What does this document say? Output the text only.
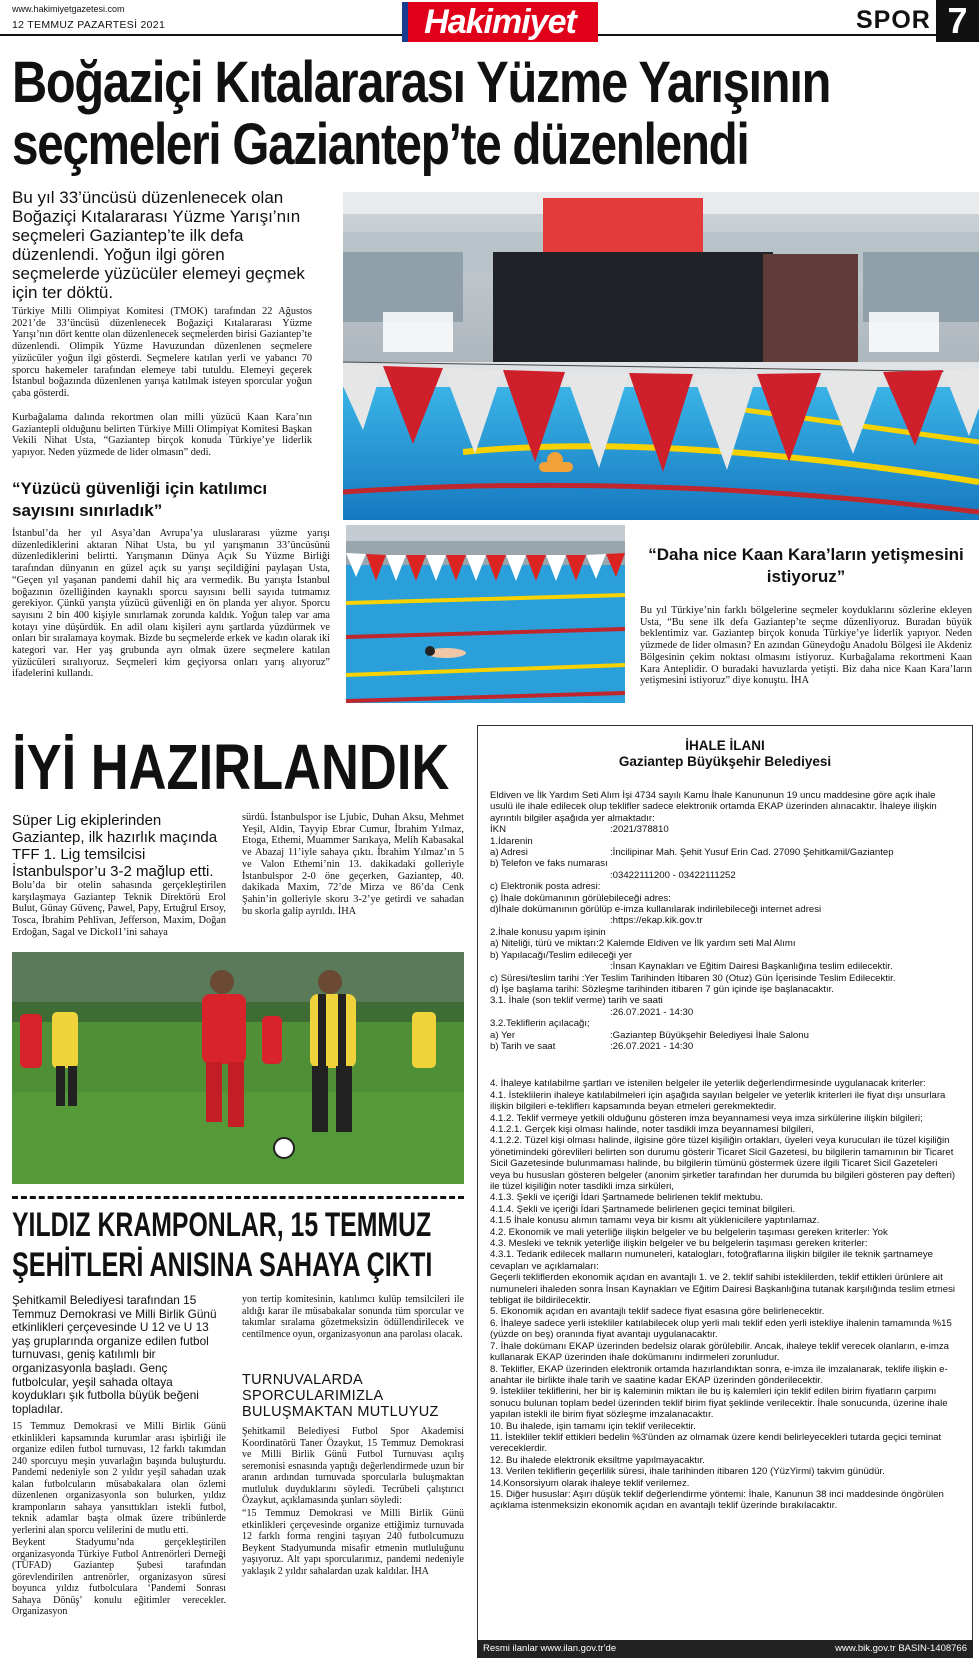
www.hakimiyetgazetesi.com
12 TEMMUZ PAZARTESİ 2021	Hakimiyet	SPOR 7
Boğaziçi Kıtalararası Yüzme Yarışının
seçmeleri Gaziantep’te düzenlendi
Bu yıl 33’üncüsü düzenlenecek olan Boğaziçi Kıtalararası Yüzme Yarışı’nın seçmeleri Gaziantep’te ilk defa düzenlendi. Yoğun ilgi gören seçmelerde yüzücüler elemeyi geçmek için ter döktü.
Türkiye Milli Olimpiyat Komitesi (TMOK) tarafından 22 Ağustos 2021’de 33’üncüsü düzenlenecek Boğaziçi Kıtalararası Yüzme Yarışı’nın dört kentte olan düzenlenecek seçmelerden birisi Gaziantep’te düzenlendi. Olimpik Yüzme Havuzundan düzenlenen seçmelere yüzücüler yoğun ilgi gösterdi. Seçmelere katılan yerli ve yabancı 70 sporcu hakemeler tarafından elemeye tabi tutuldu. Elemeyi geçerek İstanbul boğazında düzenlenen yarışa katılmak isteyen sporcular yoğun çaba gösterdi.
Kurbağalama dalında rekortmen olan milli yüzücü Kaan Kara’nın Gaziantepli olduğunu belirten Türkiye Milli Olimpiyat Komitesi Başkan Vekili Nihat Usta, “Gaziantep birçok konuda Türkiye’ye liderlik yapıyor. Neden yüzmede de lider olmasın” dedi.
“Yüzücü güvenliği için katılımcı sayısını sınırladık”
İstanbul’da her yıl Asya’dan Avrupa’ya uluslararası yüzme yarışı düzenlediklerini aktaran Nihat Usta, bu yıl yarışmanın 33’üncüsünü düzenlediklerini belirtti. Yarışmanın Dünya Açık Su Yüzme Birliği tarafından dünyanın en güzel açık su yarışı seçildiğini paylaşan Usta, “Geçen yıl yaşanan pandemi dahil hiç ara vermedik. Bu yarışta İstanbul boğazının özelliğinden kaynaklı sporcu sayısını belli sayıda tutmamız gerekiyor. Çünkü yarışta yüzücü güvenliği en ön planda yer alıyor. Sporcu sayısını 2 bin 400 kişiyle sınırlamak zorunda kaldık. Yoğun talep var ama kotayı yine düşürdük. En adil olanı kişileri aynı şartlarda yüzdürmek ve onları bir sıralamaya koymak. Bizde bu seçmelerde erkek ve kadın olarak iki kategori var. Her yaş grubunda ayrı olmak üzere seçmelere katılan yüzücüleri sıralıyoruz. Seçmeleri kim geçiyorsa onları yarış alıyoruz” ifadelerini kullandı.
“Daha nice Kaan Kara’ların yetişmesini istiyoruz”
Bu yıl Türkiye’nin farklı bölgelerine seçmeler koyduklarını sözlerine ekleyen Usta, “Bu sene ilk defa Gaziantep’te seçme düzenliyoruz. Buradan büyük beklentimiz var. Gaziantep birçok konuda Türkiye’ye liderlik yapıyor. Neden yüzmede de lider olmasın? En azından Güneydoğu Anadolu Bölgesi ile Akdeniz Bölgesinin çekim noktası olmasını istiyoruz. Kurbağalama rekortmeni Kaan Kara Anteplidir. O buradaki havuzlarda yetişti. Biz daha nice Kaan Kara’ların yetişmesini istiyoruz” diye konuştu. İHA
İYİ HAZIRLANDIK
Süper Lig ekiplerinden Gaziantep, ilk hazırlık maçında TFF 1. Lig temsilcisi İstanbulspor’u 3-2 mağlup etti.
Bolu’da bir otelin sahasında gerçekleştirilen karşılaşmaya Gaziantep Teknik Direktörü Erol Bulut, Günay Güvenç, Pawel, Papy, Ertuğrul Ersoy, Tosca, İbrahim Pehlivan, Jefferson, Maxim, Doğan Erdoğan, Sagal ve Dickol1’ini sahaya
sürdü. İstanbulspor ise Ljubic, Duhan Aksu, Mehmet Yeşil, Aldin, Tayyip Ebrar Cumur, İbrahim Yılmaz, Etoga, Ethemi, Muammer Sarıkaya, Melih Kabasakal ve Abazaj 11’iyle sahaya çıktı. İbrahim Yılmaz’ın 5 ve Valon Ethemi’nin 13. dakikadaki golleriyle İstanbulspor 2-0 öne geçerken, Gaziantep, 40. dakikada Maxim, 72’de Mirza ve 86’da Cenk Şahin’in golleriyle skoru 3-2’ye getirdi ve sahadan bu skorla galip ayrıldı. İHA
YILDIZ KRAMPONLAR, 15 TEMMUZ
ŞEHİTLERİ ANISINA SAHAYA ÇIKTI
Şehitkamil Belediyesi tarafından 15 Temmuz Demokrasi ve Milli Birlik Günü etkinlikleri çerçevesinde U 12 ve U 13 yaş gruplarında organize edilen futbol turnuvası, geniş katılımlı bir organizasyonla başladı. Genç futbolcular, yeşil sahada oltaya koydukları şık futbolla büyük beğeni topladılar.
15 Temmuz Demokrasi ve Milli Birlik Günü etkinlikleri kapsamında kurumlar arası işbirliği ile organize edilen futbol turnuvası, 12 farklı takımdan 240 sporcuyu meşin yuvarlağın başında buluşturdu. Pandemi nedeniyle son 2 yıldır yeşil sahadan uzak kalan futbolcuların müsabakalara olan özlemi düzenlenen organizasyonla son bulurken, yıldız kramponların sahaya yansıttıkları istekli futbol, teknik adamlar başta olmak üzere tribünlerde yerlerini alan sporcu velilerini de mutlu etti.
Beykent Stadyumu’nda gerçekleştirilen organizasyonda Türkiye Futbol Antrenörleri Derneği (TÜFAD) Gaziantep Şubesi tarafından görevlendirilen antrenörler, organizasyon süresi boyunca yıldız futbolculara ‘Pandemi Sonrası Sahaya Dönüş’ konulu eğitimler verecekler. Organizasyon
yon tertip komitesinin, katılımcı kulüp temsilcileri ile aldığı karar ile müsabakalar sonunda tüm sporcular ve takımlar sıralama gözetmeksizin ödüllendirilecek ve centilmence oyun, organizasyonun ana parolası olacak.
TURNUVALARDA SPORCULARIMIZLA BULUŞMAKTAN MUTLUYUZ
Şehitkamil Belediyesi Futbol Spor Akademisi Koordinatörü Taner Özaykut, 15 Temmuz Demokrasi ve Milli Birlik Günü Futbol Turnuvası açılış seremonisi esnasında yaptığı değerlendirmede uzun bir aranın ardından turnuvada sporcularla buluşmaktan mutluluk duyduklarını söyledi. Tecrübeli çalıştırıcı Özaykut, açıklamasında şunları söyledi:
“15 Temmuz Demokrasi ve Milli Birlik Günü etkinlikleri çerçevesinde organize ettiğimiz turnuvada 12 farklı forma rengini taşıyan 240 futbolcumuzu Beykent Stadyumunda misafir etmenin mutluluğunu yaşıyoruz. Alt yapı sporcularımız, pandemi nedeniyle yaklaşık 2 yıldır sahalardan uzak kaldılar. İHA
İHALE İLANI
Gaziantep Büyükşehir Belediyesi
Eldiven ve İlk Yardım Seti Alım İşi 4734 sayılı Kamu İhale Kanununun 19 uncu maddesine göre açık ihale usulü ile ihale edilecek olup teklifler sadece elektronik ortamda EKAP üzerinden alınacaktır. İhaleye ilişkin ayrıntılı bilgiler aşağıda yer almaktadır:
İKN	:2021/378810
1.İdarenin
a) Adresi	:İncilipinar Mah. Şehit Yusuf Erin Cad. 27090 Şehitkamil/Gaziantep
b) Telefon ve faks numarası
:03422111200 - 03422111252
c) Elektronik posta adresi:
ç) İhale dokümanının görülebileceği adres:
d)İhale dokümanının görülüp e-imza kullanılarak indirilebileceği internet adresi
:https://ekap.kik.gov.tr
2.İhale konusu yapım işinin
a) Niteliği, türü ve miktarı:2 Kalemde Eldiven ve İlk yardım seti Mal Alımı
b) Yapılacağı/Teslim edileceği yer
:İnsan Kaynakları ve Eğitim Dairesi Başkanlığına teslim edilecektir.
c) Süresi/teslim tarihi :Yer Teslim Tarihinden İtibaren 30 (Otuz) Gün İçerisinde Teslim Edilecektir.
d) İşe başlama tarihi: Sözleşme tarihinden itibaren 7 gün içinde işe başlanacaktır.
3.1. İhale (son teklif verme) tarih ve saati
:26.07.2021 - 14:30
3.2.Tekliflerin açılacağı;
a) Yer	:Gaziantep Büyükşehir Belediyesi İhale Salonu
b) Tarih ve saat	:26.07.2021 - 14:30
4. İhaleye katılabilme şartları ve istenilen belgeler ile yeterlik değerlendirmesinde uygulanacak kriterler:
4.1. İsteklilerin ihaleye katılabilmeleri için aşağıda sayılan belgeler ve yeterlik kriterleri ile fiyat dışı unsurlara ilişkin bilgileri e-tekliflerı kapsamında beyan etmeleri gerekmektedir.
4.1.2. Teklif vermeye yetkili olduğunu gösteren imza beyannamesi veya imza sirkülerine ilişkin bilgileri;
4.1.2.1. Gerçek kişi olması halinde, noter tasdikli imza beyannamesi bilgileri,
4.1.2.2. Tüzel kişi olması halinde, ilgisine göre tüzel kişiliğin ortakları, üyeleri veya kurucuları ile tüzel kişiliğin yönetimindeki görevlileri belirten son durumu gösterir Ticaret Sicil Gazetesi, bu bilgilerin tamamının bir Ticaret Sicil Gazetesinde bulunmaması halinde, bu bilgilerin tümünü göstermek üzere ilgili Ticaret Sicil Gazeteleri veya bu hususları gösteren belgeler (anonim şirketler tarafından her durumda bu bilgileri gösteren pay defteri) ile tüzel kişiliğin noter tasdikli imza sirküleri,
4.1.3. Şekli ve içeriği İdari Şartnamede belirlenen teklif mektubu.
4.1.4. Şekli ve içeriği İdari Şartnamede belirlenen geçici teminat bilgileri.
4.1.5 İhale konusu alımın tamamı veya bir kısmı alt yüklenicilere yaptırılamaz.
4.2. Ekonomik ve mali yeterliğe ilişkin belgeler ve bu belgelerin taşıması gereken kriterler: Yok
4.3. Mesleki ve teknik yeterliğe ilişkin belgeler ve bu belgelerin taşıması gereken kriterler:
4.3.1. Tedarik edilecek malların numuneleri, katalogları, fotoğraflarına ilişkin bilgiler ile teknik şartnameye cevapları ve açıklamaları:
Geçerli tekliflerden ekonomik açıdan en avantajlı 1. ve 2. teklif sahibi isteklilerden, teklif ettikleri ürünlere ait numuneleri ihaleden sonra İnsan Kaynakları ve Eğitim Dairesi Başkanlığına tutanak karşılığında teslim etmesi tebligat ile bildirilecektir.
5. Ekonomik açıdan en avantajlı teklif sadece fiyat esasına göre belirlenecektir.
6. İhaleye sadece yerli istekliler katılabilecek olup yerli malı teklif eden yerli istekliye ihalenin tamamında %15 (yüzde on beş) oranında fiyat avantajı uygulanacaktır.
7. İhale dokümanı EKAP üzerinden bedelsiz olarak görülebilir. Ancak, ihaleye teklif verecek olanların, e-imza kullanarak EKAP üzerinden ihale dokümanını indirmeleri zorunludur.
8. Teklifler, EKAP üzerinden elektronik ortamda hazırlandıktan sonra, e-imza ile imzalanarak, teklife ilişkin e-anahtar ile birlikte ihale tarih ve saatine kadar EKAP üzerinden gönderilecektir.
9. İstekliler tekliflerini, her bir iş kaleminin miktarı ile bu iş kalemleri için teklif edilen birim fiyatların çarpımı sonucu bulunan toplam bedel üzerinden teklif birim fiyat şeklinde verilecektir. İhale sonucunda, üzerine ihale yapılan istekli ile birim fiyat sözleşme imzalanacaktır.
10. Bu ihalede, işin tamamı için teklif verilecektir.
11. İstekliler teklif ettikleri bedelin %3'ünden az olmamak üzere kendi belirleyecekleri tutarda geçici teminat vereceklerdir.
12. Bu ihalede elektronik eksiltme yapılmayacaktır.
13. Verilen tekliflerin geçerlilik süresi, ihale tarihinden itibaren 120 (YüzYirmi) takvim günüdür.
14.Konsorsiyum olarak ihaleye teklif verilemez.
15. Diğer hususlar: Aşırı düşük teklif değerlendirme yöntemi: İhale, Kanunun 38 inci maddesinde öngörülen açıklama istenmeksizin ekonomik açıdan en avantajlı teklif üzerinde bırakılacaktır.
Resmi ilanlar www.ilan.gov.tr'de	www.bik.gov.tr BASIN-1408766
